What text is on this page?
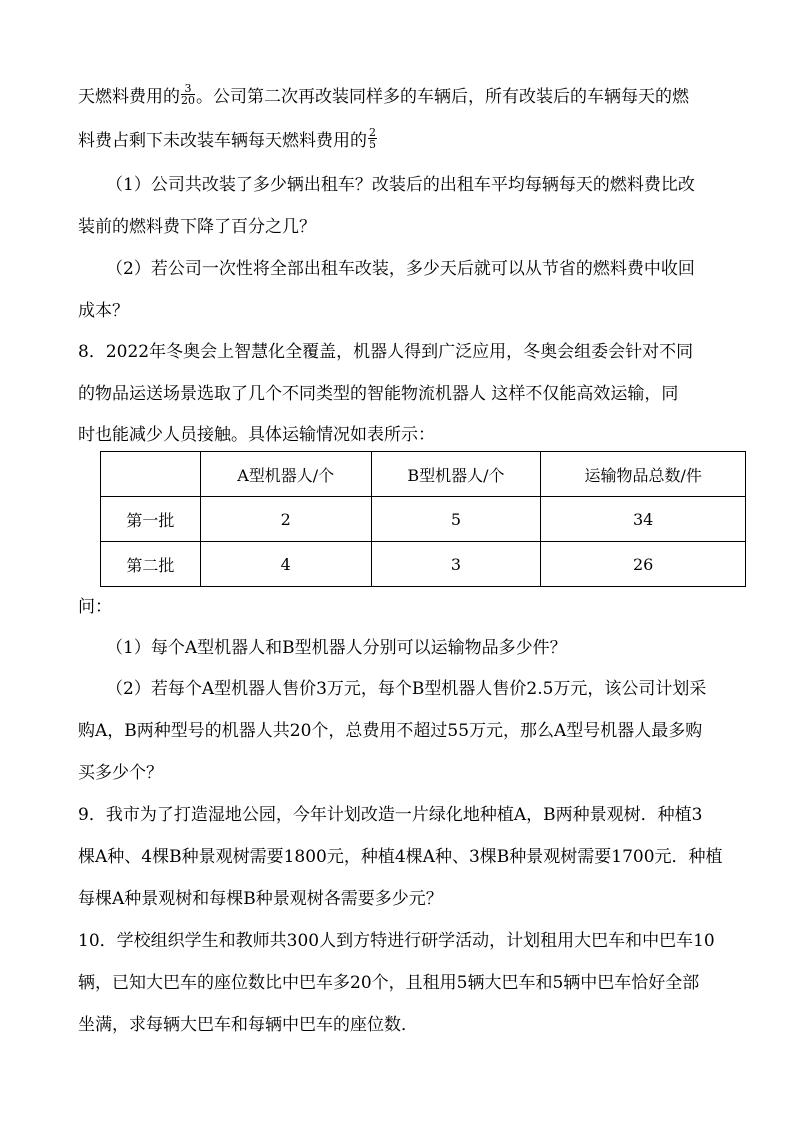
天燃料费用的 $\frac{3}{20}$ 。公司第二次再改装同样多的车辆后，所有改装后的车辆每天的燃
料费占剩下未改装车辆每天燃料费用的 $\frac{2}{5}$
（1）公司共改装了多少辆出租车？改装后的出租车平均每辆每天的燃料费比改
装前的燃料费下降了百分之几？
（2）若公司一次性将全部出租车改装，多少天后就可以从节省的燃料费中收回
成本？
8．2022年冬奥会上智慧化全覆盖，机器人得到广泛应用，冬奥会组委会针对不同
的物品运送场景选取了几个不同类型的智能物流机器人 这样不仅能高效运输，同
时也能减少人员接触。具体运输情况如表所示：
	A型机器人/个	B型机器人/个	运输物品总数/件
第一批	2	5	34
第二批	4	3	26
问：
（1）每个A型机器人和B型机器人分别可以运输物品多少件？
（2）若每个A型机器人售价3万元，每个B型机器人售价2.5万元，该公司计划采
购A，B两种型号的机器人共20个，总费用不超过55万元，那么A型号机器人最多购
买多少个？
9．我市为了打造湿地公园，今年计划改造一片绿化地种植A，B两种景观树．种植3
棵A种、4棵B种景观树需要1800元，种植4棵A种、3棵B种景观树需要1700元．种植
每棵A种景观树和每棵B种景观树各需要多少元？
10．学校组织学生和教师共300人到方特进行研学活动，计划租用大巴车和中巴车10
辆，已知大巴车的座位数比中巴车多20个，且租用5辆大巴车和5辆中巴车恰好全部
坐满，求每辆大巴车和每辆中巴车的座位数．
